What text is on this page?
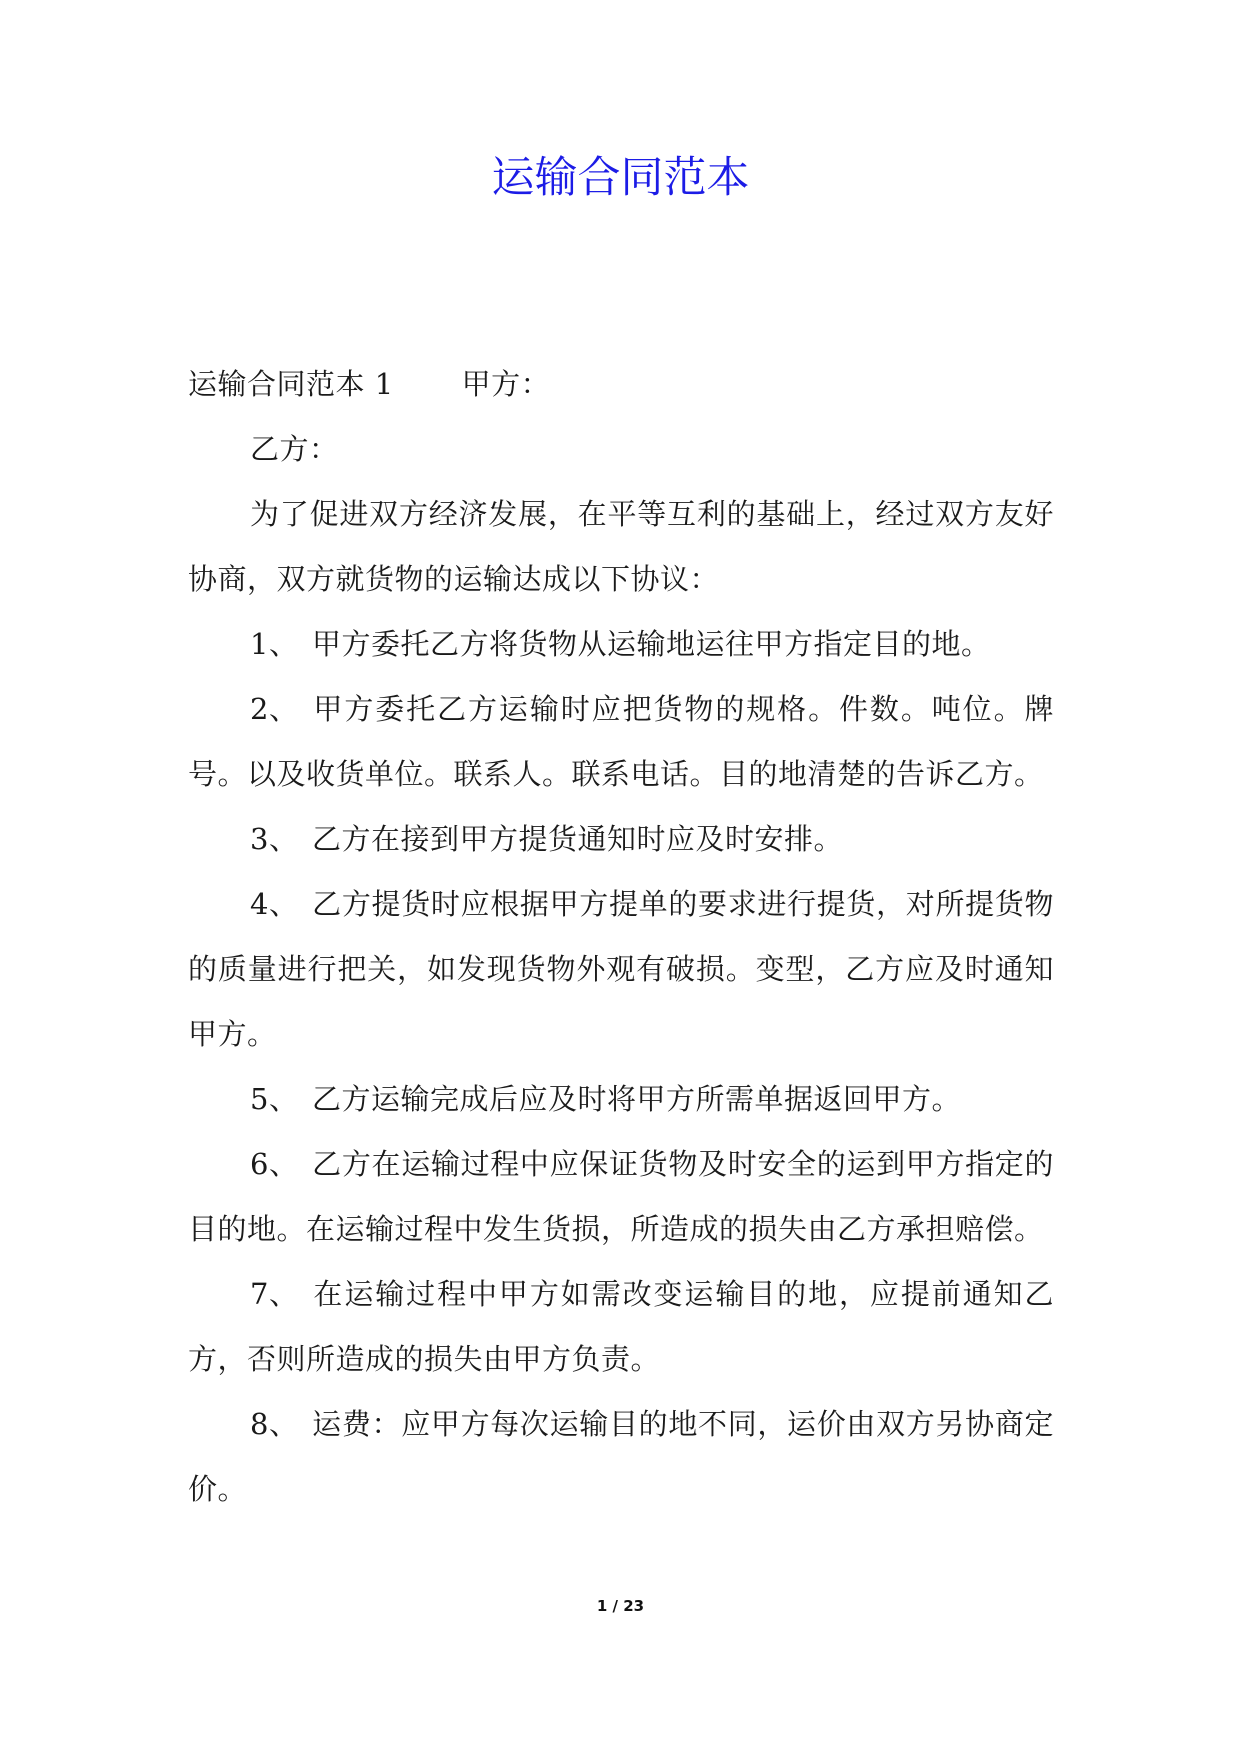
运输合同范本

运输合同范本 1 甲方：

乙方：

为了促进双方经济发展，在平等互利的基础上，经过双方友好协商，双方就货物的运输达成以下协议：

1、 甲方委托乙方将货物从运输地运往甲方指定目的地。

2、 甲方委托乙方运输时应把货物的规格。件数。吨位。牌号。以及收货单位。联系人。联系电话。目的地清楚的告诉乙方。

3、 乙方在接到甲方提货通知时应及时安排。

4、 乙方提货时应根据甲方提单的要求进行提货，对所提货物的质量进行把关，如发现货物外观有破损。变型，乙方应及时通知甲方。

5、 乙方运输完成后应及时将甲方所需单据返回甲方。

6、 乙方在运输过程中应保证货物及时安全的运到甲方指定的目的地。在运输过程中发生货损，所造成的损失由乙方承担赔偿。

7、 在运输过程中甲方如需改变运输目的地，应提前通知乙方，否则所造成的损失由甲方负责。

8、 运费：应甲方每次运输目的地不同，运价由双方另协商定价。

1 / 23
